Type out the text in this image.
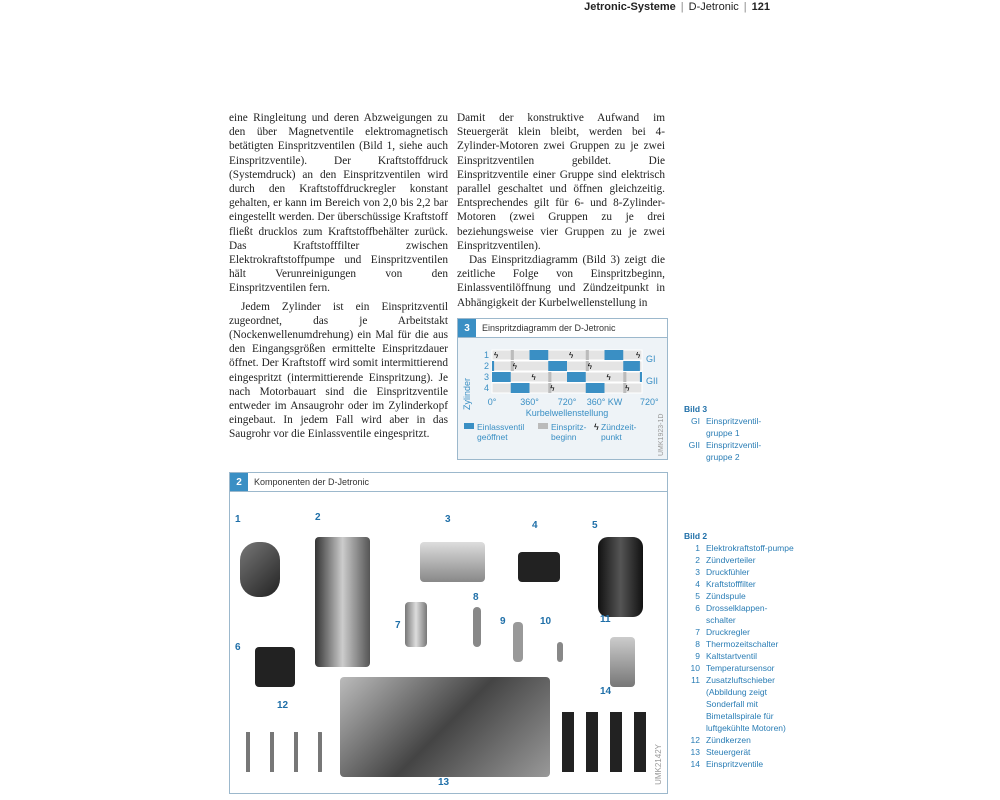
Jetronic-Systeme | D-Jetronic | 121

eine Ringleitung und deren Abzweigungen zu den über Magnetventile elektromagnetisch betätigten Einspritzventilen (Bild 1, siehe auch Einspritzventile). Der Kraftstoffdruck (Systemdruck) an den Einspritzventilen wird durch den Kraftstoffdruckregler konstant gehalten, er kann im Bereich von 2,0 bis 2,2 bar eingestellt werden. Der überschüssige Kraftstoff fließt drucklos zum Kraftstoffbehälter zurück. Das Kraftstofffilter zwischen Elektrokraftstoffpumpe und Einspritzventilen hält Verunreinigungen von den Einspritzventilen fern.

Jedem Zylinder ist ein Einspritzventil zugeordnet, das je Arbeitstakt (Nockenwellenumdrehung) ein Mal für die aus den Eingangsgrößen ermittelte Einspritzdauer öffnet. Der Kraftstoff wird somit intermittierend eingespritzt (intermittierende Einspritzung). Je nach Motorbauart sind die Einspritzventile entweder im Ansaugrohr oder im Zylinderkopf eingebaut. In jedem Fall wird aber in das Saugrohr vor die Einlassventile eingespritzt.

Damit der konstruktive Aufwand im Steuergerät klein bleibt, werden bei 4-Zylinder-Motoren zwei Gruppen zu je zwei Einspritzventilen gebildet. Die Einspritzventile einer Gruppe sind elektrisch parallel geschaltet und öffnen gleichzeitig. Entsprechendes gilt für 6- und 8-Zylinder-Motoren (zwei Gruppen zu je drei beziehungsweise vier Gruppen zu je zwei Einspritzventilen).

Das Einspritzdiagramm (Bild 3) zeigt die zeitliche Folge von Einspritzbeginn, Einlassventilöffnung und Zündzeitpunkt in Abhängigkeit der Kurbelwellenstellung in

3	Einspritzdiagramm der D-Jetronic
Zylinder
ϟ	ϟ	ϟ
1
ϟ	ϟ
2
ϟ	ϟ
3
ϟ	ϟ
4
GI
GII
0°	360° 720° 360° KW 720°
Kurbelwellenstellung
ϟ
Einlassventil geöffnet
Einspritz-beginn
Zündzeit-punkt	UMK1923-1D
Bild 3
GI Einspritzventil-gruppe 1
GII Einspritzventil-gruppe 2
2	Komponenten der D-Jetronic
1	2	3
4	5
6
7
8
9	10	11
12
13
14
UMK2142Y
Bild 2
1 Elektrokraftstoff-pumpe
2 Zündverteiler
3 Druckfühler
4 Kraftstofffilter
5 Zündspule
6 Drosselklappen-schalter
7 Druckregler
8 Thermozeitschalter
9 Kaltstartventil
10 Temperatursensor
11 Zusatzluftschieber (Abbildung zeigt Sonderfall mit Bimetallspirale für luftgekühlte Motoren)
12 Zündkerzen
13 Steuergerät
14 Einspritzventile
